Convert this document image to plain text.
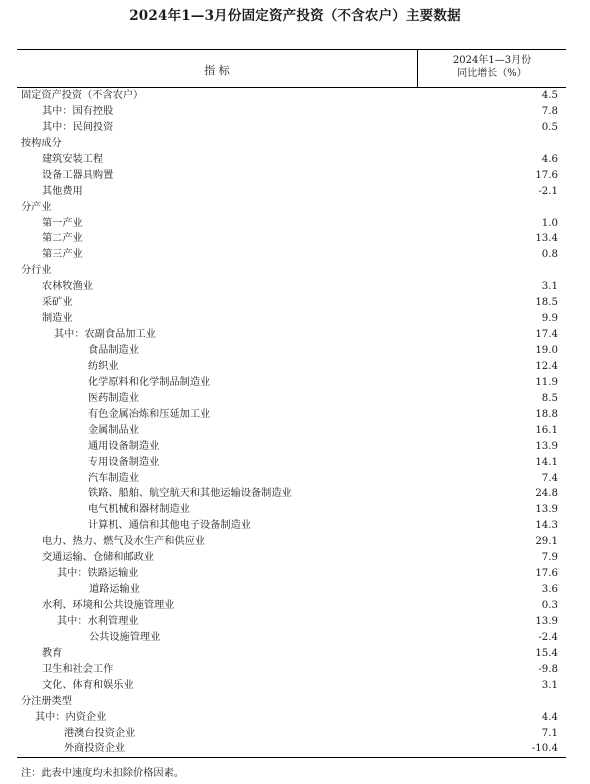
2024年1—3月份固定资产投资（不含农户）主要数据
指 标
2024年1—3月份
同比增长（%）
固定资产投资（不含农户）	4.5
其中：国有控股	7.8
其中：民间投资	0.5
按构成分
建筑安装工程	4.6
设备工器具购置	17.6
其他费用	-2.1
分产业
第一产业	1.0
第二产业	13.4
第三产业	0.8
分行业
农林牧渔业	3.1
采矿业	18.5
制造业	9.9
其中：农副食品加工业	17.4
食品制造业	19.0
纺织业	12.4
化学原料和化学制品制造业	11.9
医药制造业	8.5
有色金属冶炼和压延加工业	18.8
金属制品业	16.1
通用设备制造业	13.9
专用设备制造业	14.1
汽车制造业	7.4
铁路、船舶、航空航天和其他运输设备制造业	24.8
电气机械和器材制造业	13.9
计算机、通信和其他电子设备制造业	14.3
电力、热力、燃气及水生产和供应业	29.1
交通运输、仓储和邮政业	7.9
其中：铁路运输业	17.6
道路运输业	3.6
水利、环境和公共设施管理业	0.3
其中：水利管理业	13.9
公共设施管理业	-2.4
教育	15.4
卫生和社会工作	-9.8
文化、体育和娱乐业	3.1
分注册类型
其中：内资企业	4.4
港澳台投资企业	7.1
外商投资企业	-10.4
注：此表中速度均未扣除价格因素。
